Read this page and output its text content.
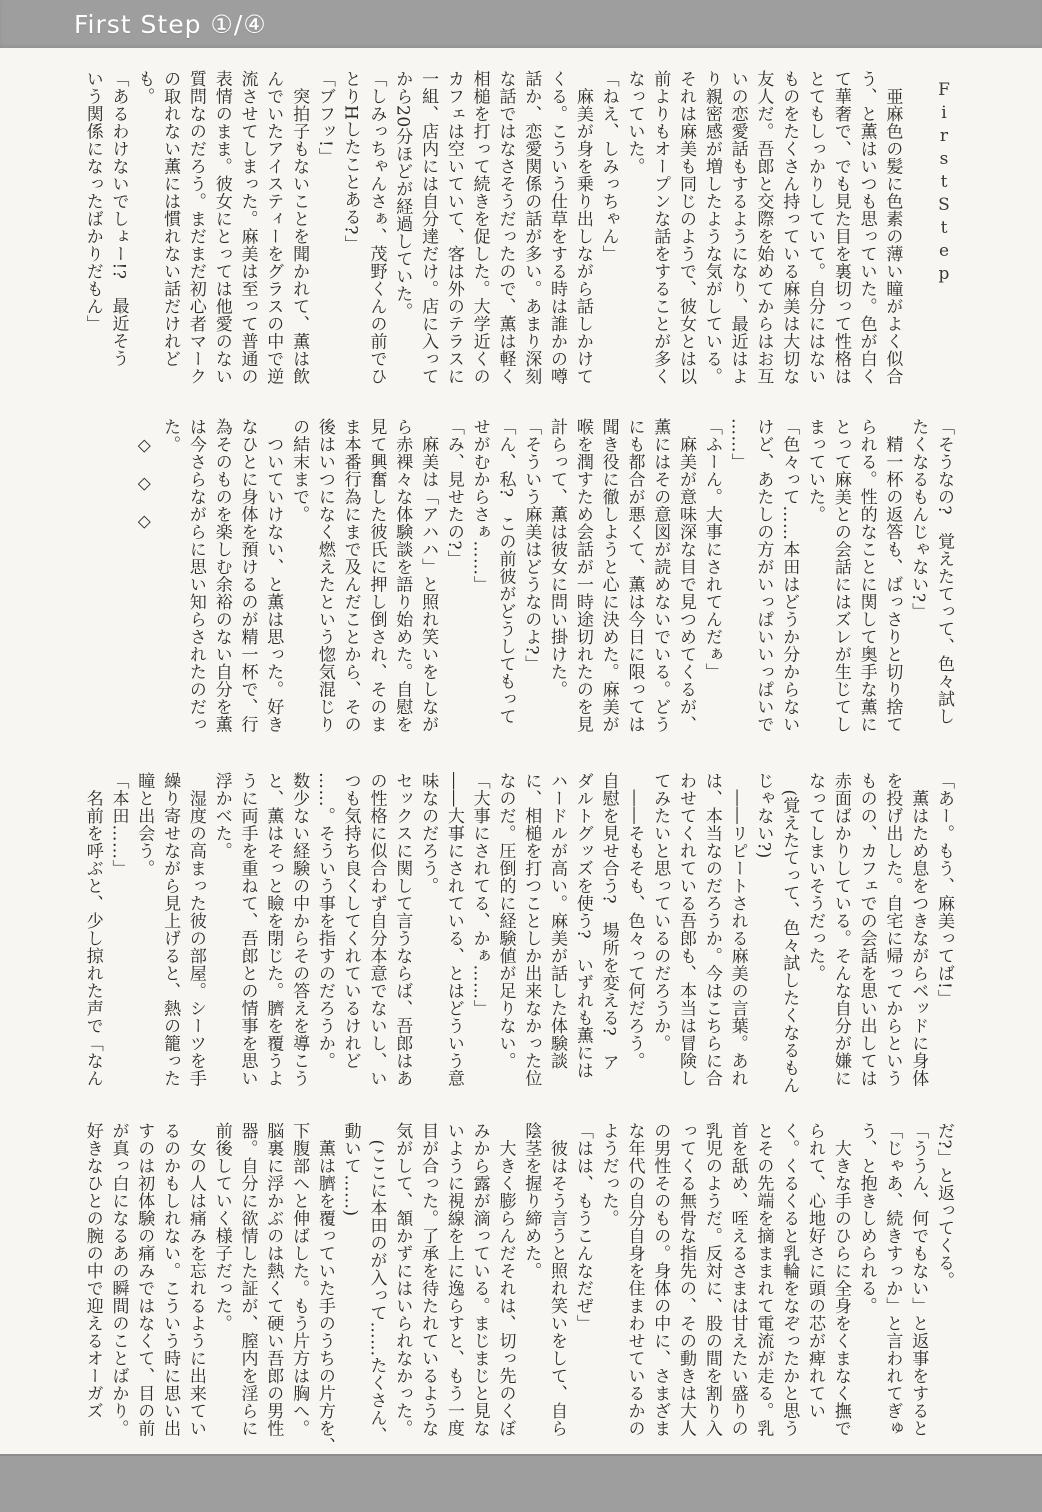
First Step ①/④
FirstStep

　亜麻色の髪に色素の薄い瞳がよく似合
う、と薫はいつも思っていた。色が白く
て華奢で、でも見た目を裏切って性格は
とてもしっかりしていて。自分にはない
ものをたくさん持っている麻美は大切な
友人だ。吾郎と交際を始めてからはお互
いの恋愛話もするようになり、最近はよ
り親密感が増したような気がしている。
それは麻美も同じのようで、彼女とは以
前よりもオープンな話をすることが多く
なっていた。
「ねえ、しみっちゃん」
　麻美が身を乗り出しながら話しかけて
くる。こういう仕草をする時は誰かの噂
話か、恋愛関係の話が多い。あまり深刻
な話ではなさそうだったので、薫は軽く
相槌を打って続きを促した。大学近くの
カフェは空いていて、客は外のテラスに
一組、店内には自分達だけ。店に入って
から20分ほどが経過していた。
「しみっちゃんさぁ、茂野くんの前でひ
とりHしたことある?」
「ブフッ!」
　突拍子もないことを聞かれて、薫は飲
んでいたアイスティーをグラスの中で逆
流させてしまった。麻美は至って普通の
表情のまま。彼女にとっては他愛のない
質問なのだろう。まだまだ初心者マーク
の取れない薫には慣れない話だけれど
も。
「あるわけないでしょー!?　最近そう
いう関係になったばかりだもん」
「そうなの?　覚えたてって、色々試し
たくなるもんじゃない?」
　精一杯の返答も、ばっさりと切り捨て
られる。性的なことに関して奥手な薫に
とって麻美との会話にはズレが生じてし
まっていた。
「色々って……本田はどうか分からない
けど、あたしの方がいっぱいいっぱいで
……」
「ふーん。大事にされてんだぁ」
　麻美が意味深な目で見つめてくるが、
薫にはその意図が読めないでいる。どう
にも都合が悪くて、薫は今日に限っては
聞き役に徹しようと心に決めた。麻美が
喉を潤すため会話が一時途切れたのを見
計らって、薫は彼女に問い掛けた。
「そういう麻美はどうなのよ?」
「ん、私?　この前彼がどうしてもって
せがむからさぁ……」
「み、見せたの?」
　麻美は「アハハ」と照れ笑いをしなが
ら赤裸々な体験談を語り始めた。自慰を
見て興奮した彼氏に押し倒され、そのま
ま本番行為にまで及んだことから、その
後はいつになく燃えたという惚気混じり
の結末まで。
　ついていけない、と薫は思った。好き
なひとに身体を預けるのが精一杯で、行
為そのものを楽しむ余裕のない自分を薫
は今さらながらに思い知らされたのだっ
た。
　◇　◇　◇
「あー。もう、麻美ってば!」
　薫はため息をつきながらベッドに身体
を投げ出した。自宅に帰ってからという
ものの、カフェでの会話を思い出しては
赤面ばかりしている。そんな自分が嫌に
なってしまいそうだった。
　(覚えたてって、色々試したくなるもん
じゃない?)
　――リピートされる麻美の言葉。あれ
は、本当なのだろうか。今はこちらに合
わせてくれている吾郎も、本当は冒険し
てみたいと思っているのだろうか。
　――そもそも、色々って何だろう。
自慰を見せ合う?　場所を変える?　ア
ダルトグッズを使う?　いずれも薫には
ハードルが高い。麻美が話した体験談
に、相槌を打つことしか出来なかった位
なのだ。圧倒的に経験値が足りない。
「大事にされてる、かぁ……」
――大事にされている、とはどういう意
味なのだろう。
セックスに関して言うならば、吾郎はあ
の性格に似合わず自分本意でないし、い
つも気持ち良くしてくれているけれど
……。そういう事を指すのだろうか。
数少ない経験の中からその答えを導こう
と、薫はそっと瞼を閉じた。臍を覆うよ
うに両手を重ねて、吾郎との情事を思い
浮かべた。
　湿度の高まった彼の部屋。シーツを手
繰り寄せながら見上げると、熱の籠った
瞳と出会う。
「本田……」
　名前を呼ぶと、少し掠れた声で「なん
だ?」と返ってくる。
「ううん、何でもない」と返事をすると
「じゃあ、続きすっか」と言われてぎゅ
う、と抱きしめられる。
　大きな手のひらに全身をくまなく撫で
られて、心地好さに頭の芯が痺れてい
く。くるくると乳輪をなぞったかと思う
とその先端を摘ままれて電流が走る。乳
首を舐め、咥えるさまは甘えたい盛りの
乳児のようだ。反対に、股の間を割り入
ってくる無骨な指先の、その動きは大人
の男性そのもの。身体の中に、さまざま
な年代の自分自身を住まわせているかの
ようだった。
「はは、もうこんなだぜ」
　彼はそう言うと照れ笑いをして、自ら
陰茎を握り締めた。
　大きく膨らんだそれは、切っ先のくぼ
みから露が滴っている。まじまじと見な
いように視線を上に逸らすと、もう一度
目が合った。了承を待たれているような
気がして、頷かずにはいられなかった。
　(ここに本田のが入って……たくさん、
動いて……)
　薫は臍を覆っていた手のうちの片方を、
下腹部へと伸ばした。もう片方は胸へ。
脳裏に浮かぶのは熱くて硬い吾郎の男性
器。自分に欲情した証が、膣内を淫らに
前後していく様子だった。
　女の人は痛みを忘れるように出来てい
るのかもしれない。こういう時に思い出
すのは初体験の痛みではなくて、目の前
が真っ白になるあの瞬間のことばかり。
好きなひとの腕の中で迎えるオーガズ
